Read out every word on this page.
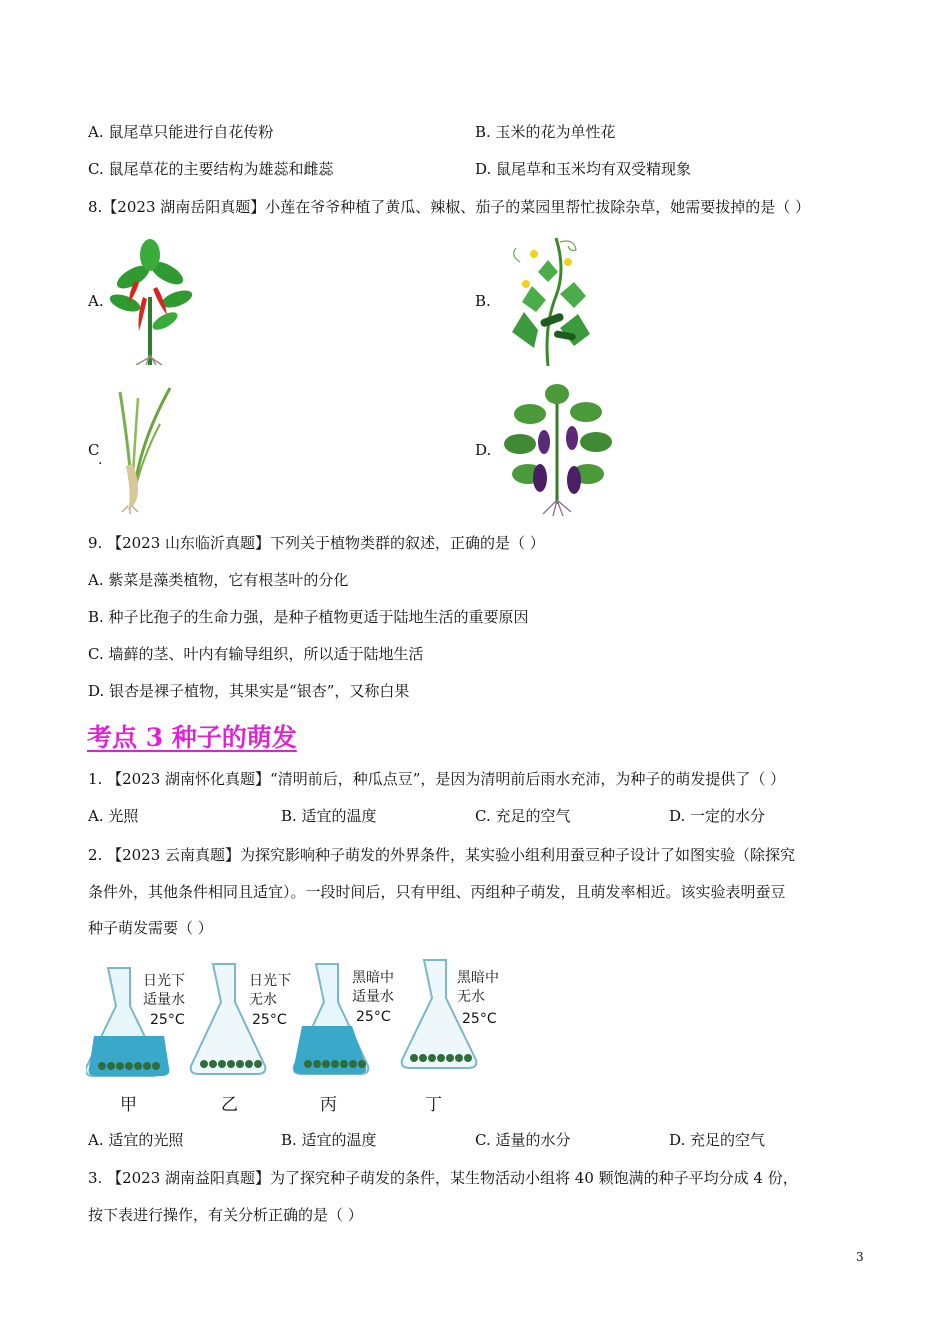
A. 鼠尾草只能进行自花传粉	B. 玉米的花为单性花
C. 鼠尾草花的主要结构为雄蕊和雌蕊	D. 鼠尾草和玉米均有双受精现象
8.【2023 湖南岳阳真题】小莲在爷爷种植了黄瓜、辣椒、茄子的菜园里帮忙拔除杂草，她需要拔掉的是（ ）
A.	B.
C
.
D.
9. 【2023 山东临沂真题】下列关于植物类群的叙述，正确的是（ ）
A. 紫菜是藻类植物，它有根茎叶的分化
B. 种子比孢子的生命力强，是种子植物更适于陆地生活的重要原因
C. 墙藓的茎、叶内有输导组织，所以适于陆地生活
D. 银杏是裸子植物，其果实是“银杏”，又称白果
考点 3 种子的萌发
1. 【2023 湖南怀化真题】“清明前后，种瓜点豆”，是因为清明前后雨水充沛，为种子的萌发提供了（ ）
A. 光照	B. 适宜的温度	C. 充足的空气	D. 一定的水分
2. 【2023 云南真题】为探究影响种子萌发的外界条件，某实验小组利用蚕豆种子设计了如图实验（除探究
条件外，其他条件相同且适宜）。一段时间后，只有甲组、丙组种子萌发，且萌发率相近。该实验表明蚕豆
种子萌发需要（ ）
日光下
适量水
25°C
日光下
无水
25°C
黑暗中
适量水
25°C
黑暗中
无水
25°C
甲	乙	丙	丁
A. 适宜的光照	B. 适宜的温度	C. 适量的水分	D. 充足的空气
3. 【2023 湖南益阳真题】为了探究种子萌发的条件，某生物活动小组将 40 颗饱满的种子平均分成 4 份，
按下表进行操作，有关分析正确的是（ ）
3
